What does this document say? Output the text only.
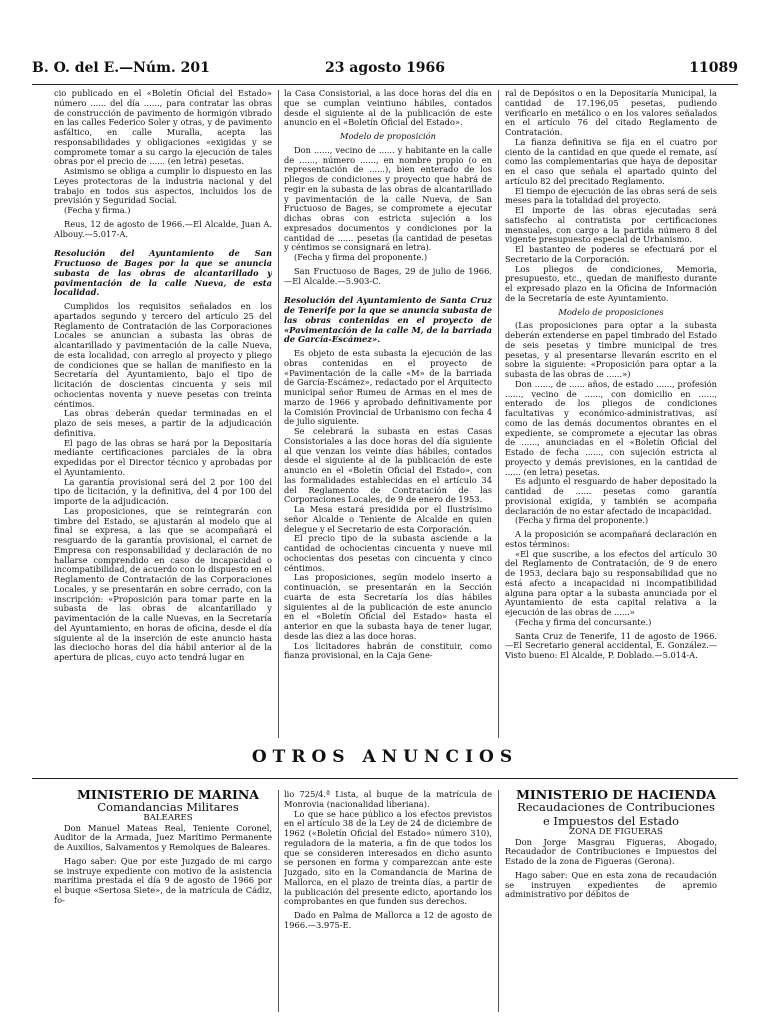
B. O. del E.—Núm. 201	23 agosto 1966	11089

cio publicado en el «Boletín Oficial del Estado» número ...... del día ......, para contratar las obras de construcción de pavimento de hormigón vibrado en las calles Federico Soler y otras, y de pavimento asfáltico, en calle Muralla, acepta las responsabilidades y obligaciones «exigidas y se compromete tomar a su cargo la ejecución de tales obras por el precio de ...... (en letra) pesetas.

Asimismo se obliga a cumplir lo dispuesto en las Leyes protectoras de la industria nacional y del trabajo en todos sus aspectos, incluidos los de previsión y Seguridad Social.

(Fecha y firma.)

Reus, 12 de agosto de 1966.—El Alcalde, Juan A. Albouy.—5.017-A.

Resolución del Ayuntamiento de San Fructuoso de Bages por la que se anuncia subasta de las obras de alcantarillado y pavimentación de la calle Nueva, de esta localidad.

Cumplidos los requisitos señalados en los apartados segundo y tercero del artículo 25 del Reglamento de Contratación de las Corporaciones Locales se anuncian a subasta las obras de alcantarillado y pavimentación de la calle Nueva, de esta localidad, con arreglo al proyecto y pliego de condiciones que se hallan de manifiesto en la Secretaría del Ayuntamiento, bajo el tipo de licitación de doscientas cincuenta y seis mil ochocientas noventa y nueve pesetas con treinta céntimos.

Las obras deberán quedar terminadas en el plazo de seis meses, a partir de la adjudicación definitiva.

El pago de las obras se hará por la Depositaría mediante certificaciones parciales de la obra expedidas por el Director técnico y aprobadas por el Ayuntamiento.

La garantía provisional será del 2 por 100 del tipo de licitación, y la definitiva, del 4 por 100 del importe de la adjudicación.

Las proposiciones, que se reintegrarán con timbre del Estado, se ajustarán al modelo que al final se expresa, a las que se acompañará el resguardo de la garantía provisional, el carnet de Empresa con responsabilidad y declaración de no hallarse comprendido en caso de incapacidad o incompatibilidad, de acuerdo con lo dispuesto en el Reglamento de Contratación de las Corporaciones Locales, y se presentarán en sobre cerrado, con la inscripción: «Proposición para tomar parte en la subasta de las obras de alcantarillado y pavimentación de la calle Nuevas, en la Secretaría del Ayuntamiento, en horas de oficina, desde el día siguiente al de la inserción de este anuncio hasta las dieciocho horas del día hábil anterior al de la apertura de plicas, cuyo acto tendrá lugar en

la Casa Consistorial, a las doce horas del día en que se cumplan veintiuno hábiles, contados desde el siguiente al de la publicación de este anuncio en el «Boletín Oficial del Estado».

Modelo de proposición

Don ......, vecino de ...... y habitante en la calle de ......, número ......, en nombre propio (o en representación de ......), bien enterado de los pliegos de condiciones y proyecto que habrá de regir en la subasta de las obras de alcantarillado y pavimentación de la calle Nueva, de San Fructuoso de Bages, se compromete a ejecutar dichas obras con estricta sujeción a los expresados documentos y condiciones por la cantidad de ...... pesetas (la cantidad de pesetas y céntimos se consignará en letra).

(Fecha y firma del proponente.)

San Fructuoso de Bages, 29 de julio de 1966.—El Alcalde.—5.903-C.

Resolución del Ayuntamiento de Santa Cruz de Tenerife por la que se anuncia subasta de las obras contenidas en el proyecto de «Pavimentación de la calle M, de la barriada de García-Escámez».

Es objeto de esta subasta la ejecución de las obras contenidas en el proyecto de «Pavimentación de la calle «M» de la barriada de García-Escámez», redactado por el Arquitecto municipal señor Rumeu de Armas en el mes de marzo de 1966 y aprobado definitivamente por la Comisión Provincial de Urbanismo con fecha 4 de julio siguiente.

Se celebrará la subasta en estas Casas Consistoriales a las doce horas del día siguiente al que venzan los veinte días hábiles, contados desde el siguiente al de la publicación de este anuncio en el «Boletín Oficial del Estado», con las formalidades establecidas en el artículo 34 del Reglamento de Contratación de las Corporaciones Locales, de 9 de enero de 1953.

La Mesa estará presidida por el Ilustrísimo señor Alcalde o Teniente de Alcalde en quien delegue y el Secretario de esta Corporación.

El precio tipo de la subasta asciende a la cantidad de ochocientas cincuenta y nueve mil ochocientas dos pesetas con cincuenta y cinco céntimos.

Las proposiciones, según modelo inserto a continuación, se presentarán en la Sección cuarta de esta Secretaría los días hábiles siguientes al de la publicación de este anuncio en el «Boletín Oficial del Estado» hasta el anterior en que la subasta haya de tener lugar, desde las diez a las doce horas.

Los licitadores habrán de constituir, como fianza provisional, en la Caja Gene-

ral de Depósitos o en la Depositaría Municipal, la cantidad de 17.196,05 pesetas, pudiendo verificarlo en metálico o en los valores señalados en el artículo 76 del citado Reglamento de Contratación.

La fianza definitiva se fija en el cuatro por ciento de la cantidad en que quede el remate, así como las complementarias que haya de depositar en el caso que señala el apartado quinto del artículo 82 del precitado Reglamento.

El tiempo de ejecución de las obras será de seis meses para la totalidad del proyecto.

El importe de las obras ejecutadas será satisfecho al contratista por certificaciones mensuales, con cargo a la partida número 8 del vigente presupuesto especial de Urbanismo.

El bastanteo de poderes se efectuará por el Secretario de la Corporación.

Los pliegos de condiciones, Memoria, presupuesto, etc., quedan de manifiesto durante el expresado plazo en la Oficina de Información de la Secretaría de este Ayuntamiento.

Modelo de proposiciones

(Las proposiciones para optar a la subasta deberán extenderse en papel timbrado del Estado de seis pesetas y timbre municipal de tres pesetas, y al presentarse llevarán escrito en el sobre la siguiente: «Proposición para optar a la subasta de las obras de ......»)

Don ......, de ...... años, de estado ......, profesión ......, vecino de ......, con domicilio en ......, enterado de los pliegos de condiciones facultativas y económico-administrativas, así como de las demás documentos obrantes en el expediente, se compromete a ejecutar las obras de ......, anunciadas en el «Boletín Oficial del Estado de fecha ......, con sujeción estricta al proyecto y demás previsiones, en la cantidad de ...... (en letra) pesetas.

Es adjunto el resguardo de haber depositado la cantidad de ...... pesetas como garantía provisional exigida, y también se acompaña declaración de no estar afectado de incapacidad.

(Fecha y firma del proponente.)

A la proposición se acompañará declaración en estos términos:

«El que suscribe, a los efectos del artículo 30 del Reglamento de Contratación, de 9 de enero de 1953, declara bajo su responsabilidad que no está afecto a incapacidad ni incompatibilidad alguna para optar a la subasta anunciada por el Ayuntamiento de esta capital relativa a la ejecución de las obras de ......»

(Fecha y firma del concursante.)

Santa Cruz de Tenerife, 11 de agosto de 1966.—El Secretario general accidental, E. González.—Visto bueno: El Alcalde, P. Doblado.—5.014-A.

OTROS ANUNCIOS

MINISTERIO DE MARINA

Comandancias Militares

BALEARES

Don Manuel Mateas Real, Teniente Coronel, Auditor de la Armada, Juez Marítimo Permanente de Auxilios, Salvamentos y Remolques de Baleares.

Hago saber: Que por este Juzgado de mi cargo se instruye expediente con motivo de la asistencia marítima prestada el día 9 de agosto de 1966 por el buque «Sertosa Siete», de la matrícula de Cádiz, fo-

lio 725/4.ª Lista, al buque de la matrícula de Monrovia (nacionalidad liberiana).

Lo que se hace público a los efectos previstos en el artículo 38 de la Ley de 24 de diciembre de 1962 («Boletín Oficial del Estado» número 310), reguladora de la materia, a fin de que todos los que se consideren interesados en dicho asunto se personen en forma y comparezcan ante este Juzgado, sito en la Comandancia de Marina de Mallorca, en el plazo de treinta días, a partir de la publicación del presente edicto, aportando los comprobantes en que funden sus derechos.

Dado en Palma de Mallorca a 12 de agosto de 1966.—3.975-E.

MINISTERIO DE HACIENDA

Recaudaciones de Contribuciones e Impuestos del Estado

ZONA DE FIGUERAS

Don Jorge Masgrau Figueras, Abogado, Recaudador de Contribuciones e Impuestos del Estado de la zona de Figueras (Gerona).

Hago saber: Que en esta zona de recaudación se instruyen expedientes de apremio administrativo por débitos de
